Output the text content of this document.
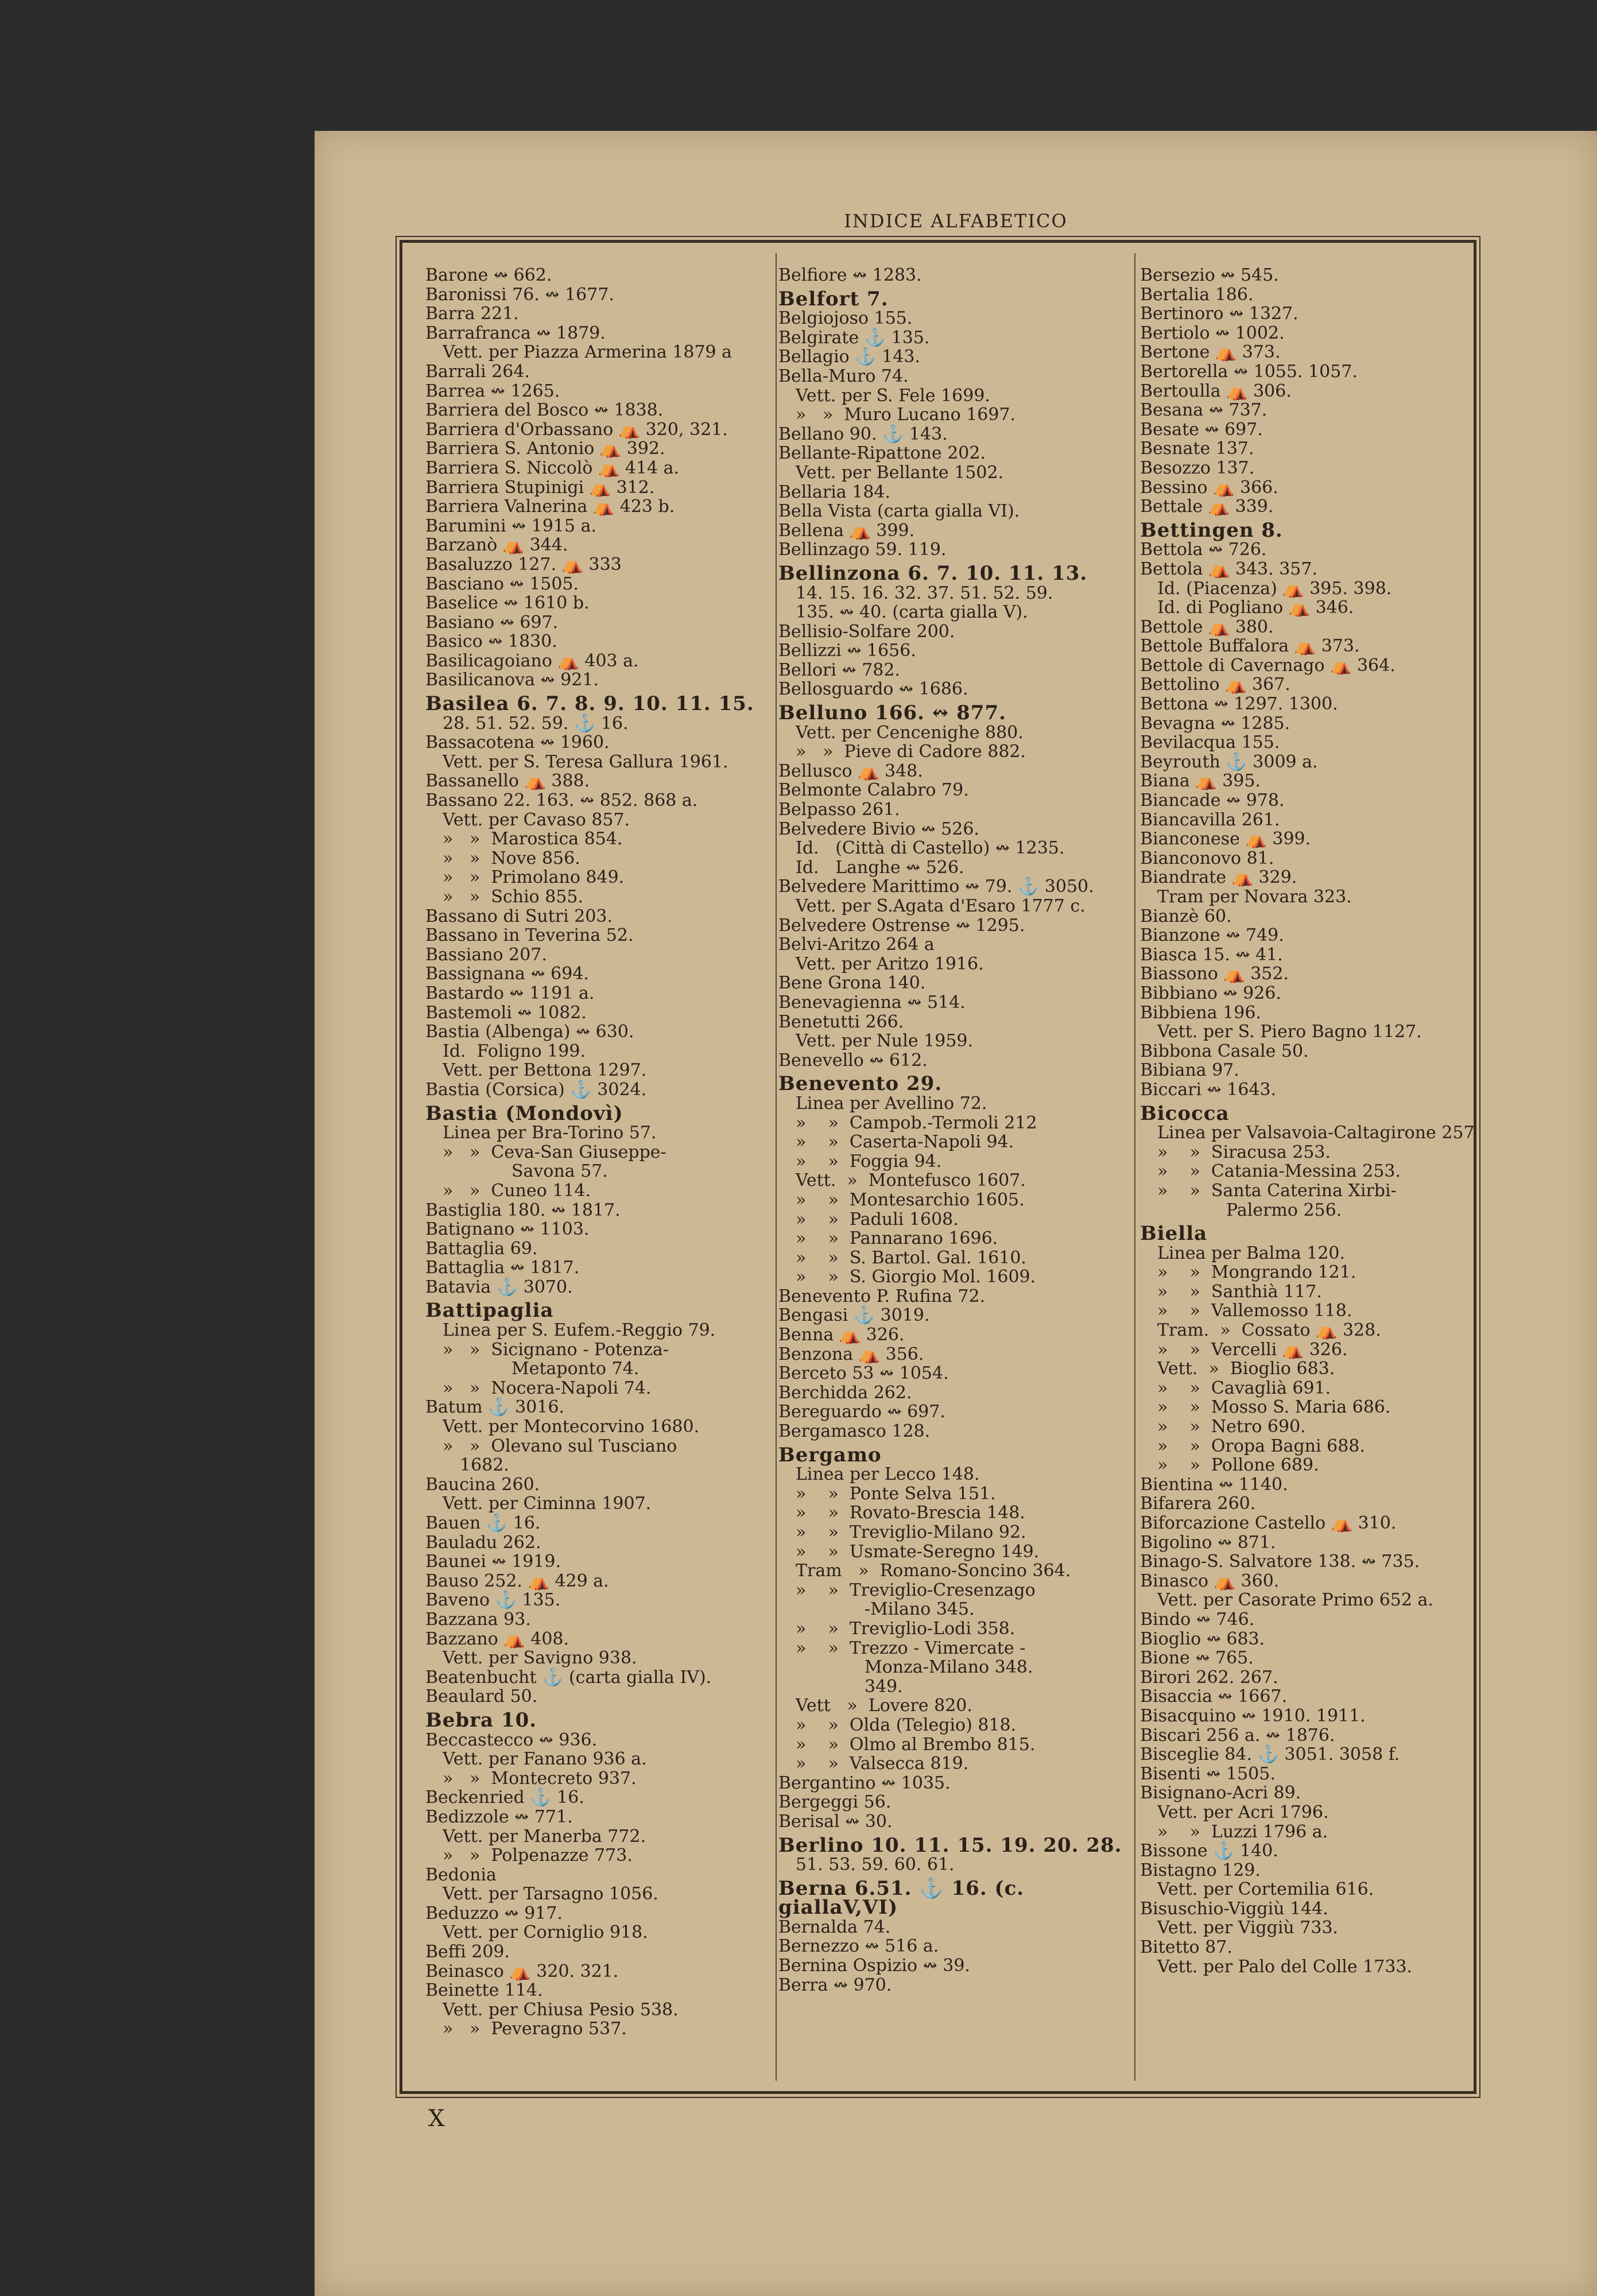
INDICE ALFABETICO
Barone ↭ 662.
Baronissi 76. ↭ 1677.
Barra 221.
Barrafranca ↭ 1879.
Vett. per Piazza Armerina 1879 a
Barrali 264.
Barrea ↭ 1265.
Barriera del Bosco ↭ 1838.
Barriera d'Orbassano ⛺ 320, 321.
Barriera S. Antonio ⛺ 392.
Barriera S. Niccolò ⛺ 414 a.
Barriera Stupinigi ⛺ 312.
Barriera Valnerina ⛺ 423 b.
Barumini ↭ 1915 a.
Barzanò ⛺ 344.
Basaluzzo 127. ⛺ 333
Basciano ↭ 1505.
Baselice ↭ 1610 b.
Basiano ↭ 697.
Basico ↭ 1830.
Basilicagoiano ⛺ 403 a.
Basilicanova ↭ 921.
Basilea 6. 7. 8. 9. 10. 11. 15.
28. 51. 52. 59. ⚓ 16.
Bassacotena ↭ 1960.
Vett. per S. Teresa Gallura 1961.
Bassanello ⛺ 388.
Bassano 22. 163. ↭ 852. 868 a.
Vett. per Cavaso 857.
»   »  Marostica 854.
»   »  Nove 856.
»   »  Primolano 849.
»   »  Schio 855.
Bassano di Sutri 203.
Bassano in Teverina 52.
Bassiano 207.
Bassignana ↭ 694.
Bastardo ↭ 1191 a.
Bastemoli ↭ 1082.
Bastia (Albenga) ↭ 630.
Id.  Foligno 199.
Vett. per Bettona 1297.
Bastia (Corsica) ⚓ 3024.
Bastia (Mondovì)
Linea per Bra-Torino 57.
»   »  Ceva-San Giuseppe-
Savona 57.
»   »  Cuneo 114.
Bastiglia 180. ↭ 1817.
Batignano ↭ 1103.
Battaglia 69.
Battaglia ↭ 1817.
Batavia ⚓ 3070.
Battipaglia
Linea per S. Eufem.-Reggio 79.
»   »  Sicignano - Potenza-
Metaponto 74.
»   »  Nocera-Napoli 74.
Batum ⚓ 3016.
Vett. per Montecorvino 1680.
»   »  Olevano sul Tusciano
1682.
Baucina 260.
Vett. per Ciminna 1907.
Bauen ⚓ 16.
Bauladu 262.
Baunei ↭ 1919.
Bauso 252. ⛺ 429 a.
Baveno ⚓ 135.
Bazzana 93.
Bazzano ⛺ 408.
Vett. per Savigno 938.
Beatenbucht ⚓ (carta gialla IV).
Beaulard 50.
Bebra 10.
Beccastecco ↭ 936.
Vett. per Fanano 936 a.
»   »  Montecreto 937.
Beckenried ⚓ 16.
Bedizzole ↭ 771.
Vett. per Manerba 772.
»   »  Polpenazze 773.
Bedonia
Vett. per Tarsagno 1056.
Beduzzo ↭ 917.
Vett. per Corniglio 918.
Beffi 209.
Beinasco ⛺ 320. 321.
Beinette 114.
Vett. per Chiusa Pesio 538.
»   »  Peveragno 537.
Belfiore ↭ 1283.
Belfort 7.
Belgiojoso 155.
Belgirate ⚓ 135.
Bellagio ⚓ 143.
Bella-Muro 74.
Vett. per S. Fele 1699.
»   »  Muro Lucano 1697.
Bellano 90. ⚓ 143.
Bellante-Ripattone 202.
Vett. per Bellante 1502.
Bellaria 184.
Bella Vista (carta gialla VI).
Bellena ⛺ 399.
Bellinzago 59. 119.
Bellinzona 6. 7. 10. 11. 13.
14. 15. 16. 32. 37. 51. 52. 59.
135. ↭ 40. (carta gialla V).
Bellisio-Solfare 200.
Bellizzi ↭ 1656.
Bellori ↭ 782.
Bellosguardo ↭ 1686.
Belluno 166. ↭ 877.
Vett. per Cencenighe 880.
»   »  Pieve di Cadore 882.
Bellusco ⛺ 348.
Belmonte Calabro 79.
Belpasso 261.
Belvedere Bivio ↭ 526.
Id.   (Città di Castello) ↭ 1235.
Id.   Langhe ↭ 526.
Belvedere Marittimo ↭ 79. ⚓ 3050.
Vett. per S.Agata d'Esaro 1777 c.
Belvedere Ostrense ↭ 1295.
Belvi-Aritzo 264 a
Vett. per Aritzo 1916.
Bene Grona 140.
Benevagienna ↭ 514.
Benetutti 266.
Vett. per Nule 1959.
Benevello ↭ 612.
Benevento 29.
Linea per Avellino 72.
»    »  Campob.-Termoli 212
»    »  Caserta-Napoli 94.
»    »  Foggia 94.
Vett.  »  Montefusco 1607.
»    »  Montesarchio 1605.
»    »  Paduli 1608.
»    »  Pannarano 1696.
»    »  S. Bartol. Gal. 1610.
»    »  S. Giorgio Mol. 1609.
Benevento P. Rufina 72.
Bengasi ⚓ 3019.
Benna ⛺ 326.
Benzona ⛺ 356.
Berceto 53 ↭ 1054.
Berchidda 262.
Bereguardo ↭ 697.
Bergamasco 128.
Bergamo
Linea per Lecco 148.
»    »  Ponte Selva 151.
»    »  Rovato-Brescia 148.
»    »  Treviglio-Milano 92.
»    »  Usmate-Seregno 149.
Tram   »  Romano-Soncino 364.
»    »  Treviglio-Cresenzago
-Milano 345.
»    »  Treviglio-Lodi 358.
»    »  Trezzo - Vimercate -
Monza-Milano 348.
349.
Vett   »  Lovere 820.
»    »  Olda (Telegio) 818.
»    »  Olmo al Brembo 815.
»    »  Valsecca 819.
Bergantino ↭ 1035.
Bergeggi 56.
Berisal ↭ 30.
Berlino 10. 11. 15. 19. 20. 28.
51. 53. 59. 60. 61.
Berna 6.51. ⚓ 16. (c. giallaV,VI)
Bernalda 74.
Bernezzo ↭ 516 a.
Bernina Ospizio ↭ 39.
Berra ↭ 970.
Bersezio ↭ 545.
Bertalia 186.
Bertinoro ↭ 1327.
Bertiolo ↭ 1002.
Bertone ⛺ 373.
Bertorella ↭ 1055. 1057.
Bertoulla ⛺ 306.
Besana ↭ 737.
Besate ↭ 697.
Besnate 137.
Besozzo 137.
Bessino ⛺ 366.
Bettale ⛺ 339.
Bettingen 8.
Bettola ↭ 726.
Bettola ⛺ 343. 357.
Id. (Piacenza) ⛺ 395. 398.
Id. di Pogliano ⛺ 346.
Bettole ⛺ 380.
Bettole Buffalora ⛺ 373.
Bettole di Cavernago ⛺ 364.
Bettolino ⛺ 367.
Bettona ↭ 1297. 1300.
Bevagna ↭ 1285.
Bevilacqua 155.
Beyrouth ⚓ 3009 a.
Biana ⛺ 395.
Biancade ↭ 978.
Biancavilla 261.
Bianconese ⛺ 399.
Bianconovo 81.
Biandrate ⛺ 329.
Tram per Novara 323.
Bianzè 60.
Bianzone ↭ 749.
Biasca 15. ↭ 41.
Biassono ⛺ 352.
Bibbiano ↭ 926.
Bibbiena 196.
Vett. per S. Piero Bagno 1127.
Bibbona Casale 50.
Bibiana 97.
Biccari ↭ 1643.
Bicocca
Linea per Valsavoia-Caltagirone 257
»    »  Siracusa 253.
»    »  Catania-Messina 253.
»    »  Santa Caterina Xirbi-
Palermo 256.
Biella
Linea per Balma 120.
»    »  Mongrando 121.
»    »  Santhià 117.
»    »  Vallemosso 118.
Tram.  »  Cossato ⛺ 328.
»    »  Vercelli ⛺ 326.
Vett.  »  Bioglio 683.
»    »  Cavaglià 691.
»    »  Mosso S. Maria 686.
»    »  Netro 690.
»    »  Oropa Bagni 688.
»    »  Pollone 689.
Bientina ↭ 1140.
Bifarera 260.
Biforcazione Castello ⛺ 310.
Bigolino ↭ 871.
Binago-S. Salvatore 138. ↭ 735.
Binasco ⛺ 360.
Vett. per Casorate Primo 652 a.
Bindo ↭ 746.
Bioglio ↭ 683.
Bione ↭ 765.
Birori 262. 267.
Bisaccia ↭ 1667.
Bisacquino ↭ 1910. 1911.
Biscari 256 a. ↭ 1876.
Bisceglie 84. ⚓ 3051. 3058 f.
Bisenti ↭ 1505.
Bisignano-Acri 89.
Vett. per Acri 1796.
»    »  Luzzi 1796 a.
Bissone ⚓ 140.
Bistagno 129.
Vett. per Cortemilia 616.
Bisuschio-Viggiù 144.
Vett. per Viggiù 733.
Bitetto 87.
Vett. per Palo del Colle 1733.
X
